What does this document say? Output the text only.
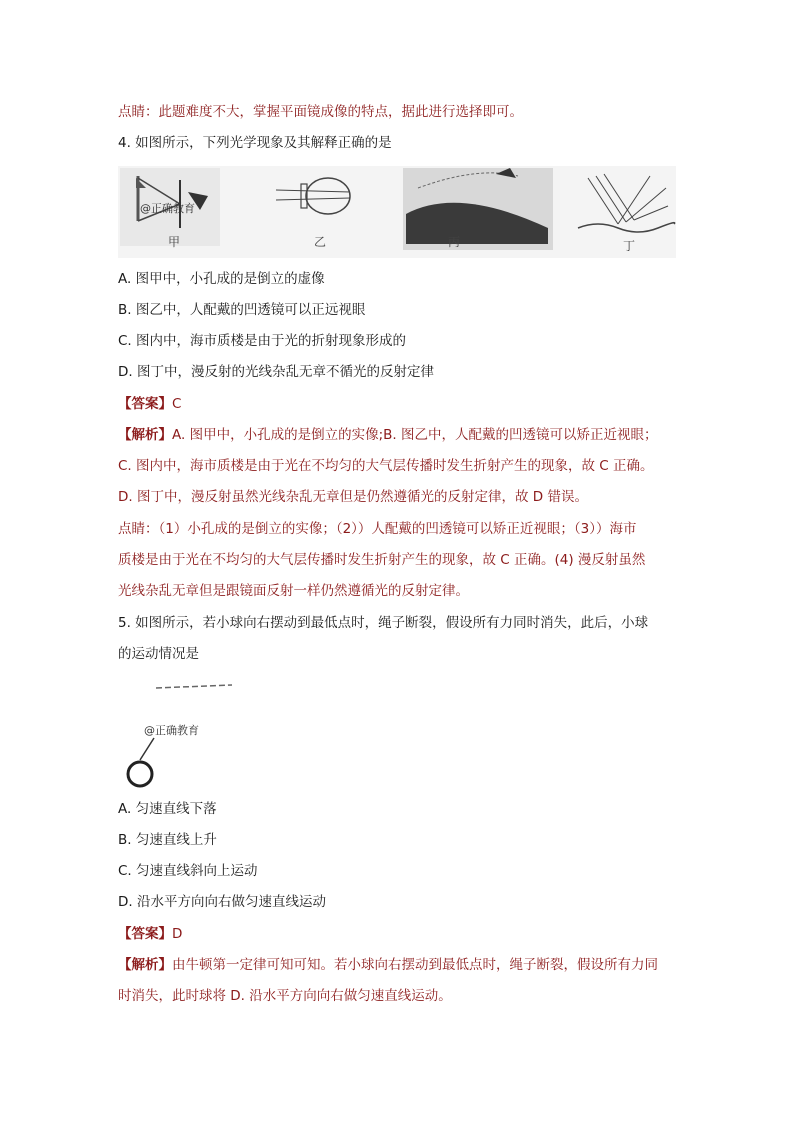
点睛：此题难度不大，掌握平面镜成像的特点，据此进行选择即可。
4. 如图所示，下列光学现象及其解释正确的是
甲	乙	丙	丁
@正确教育
A. 图甲中，小孔成的是倒立的虚像
B. 图乙中，人配戴的凹透镜可以正远视眼
C. 图内中，海市质楼是由于光的折射现象形成的
D. 图丁中，漫反射的光线杂乱无章不循光的反射定律
【答案】C
【解析】A. 图甲中，小孔成的是倒立的实像;B. 图乙中，人配戴的凹透镜可以矫正近视眼；
C. 图内中，海市质楼是由于光在不均匀的大气层传播时发生折射产生的现象，故 C 正确。
D. 图丁中，漫反射虽然光线杂乱无章但是仍然遵循光的反射定律，故 D 错误。
点睛：（1）小孔成的是倒立的实像；（2））人配戴的凹透镜可以矫正近视眼；（3））海市
质楼是由于光在不均匀的大气层传播时发生折射产生的现象，故 C 正确。(4) 漫反射虽然
光线杂乱无章但是跟镜面反射一样仍然遵循光的反射定律。
5. 如图所示，若小球向右摆动到最低点时，绳子断裂，假设所有力同时消失，此后，小球
的运动情况是
@正确教育
A. 匀速直线下落
B. 匀速直线上升
C. 匀速直线斜向上运动
D. 沿水平方向向右做匀速直线运动
【答案】D
【解析】由牛顿第一定律可知可知。若小球向右摆动到最低点时，绳子断裂，假设所有力同
时消失，此时球将 D. 沿水平方向向右做匀速直线运动。
